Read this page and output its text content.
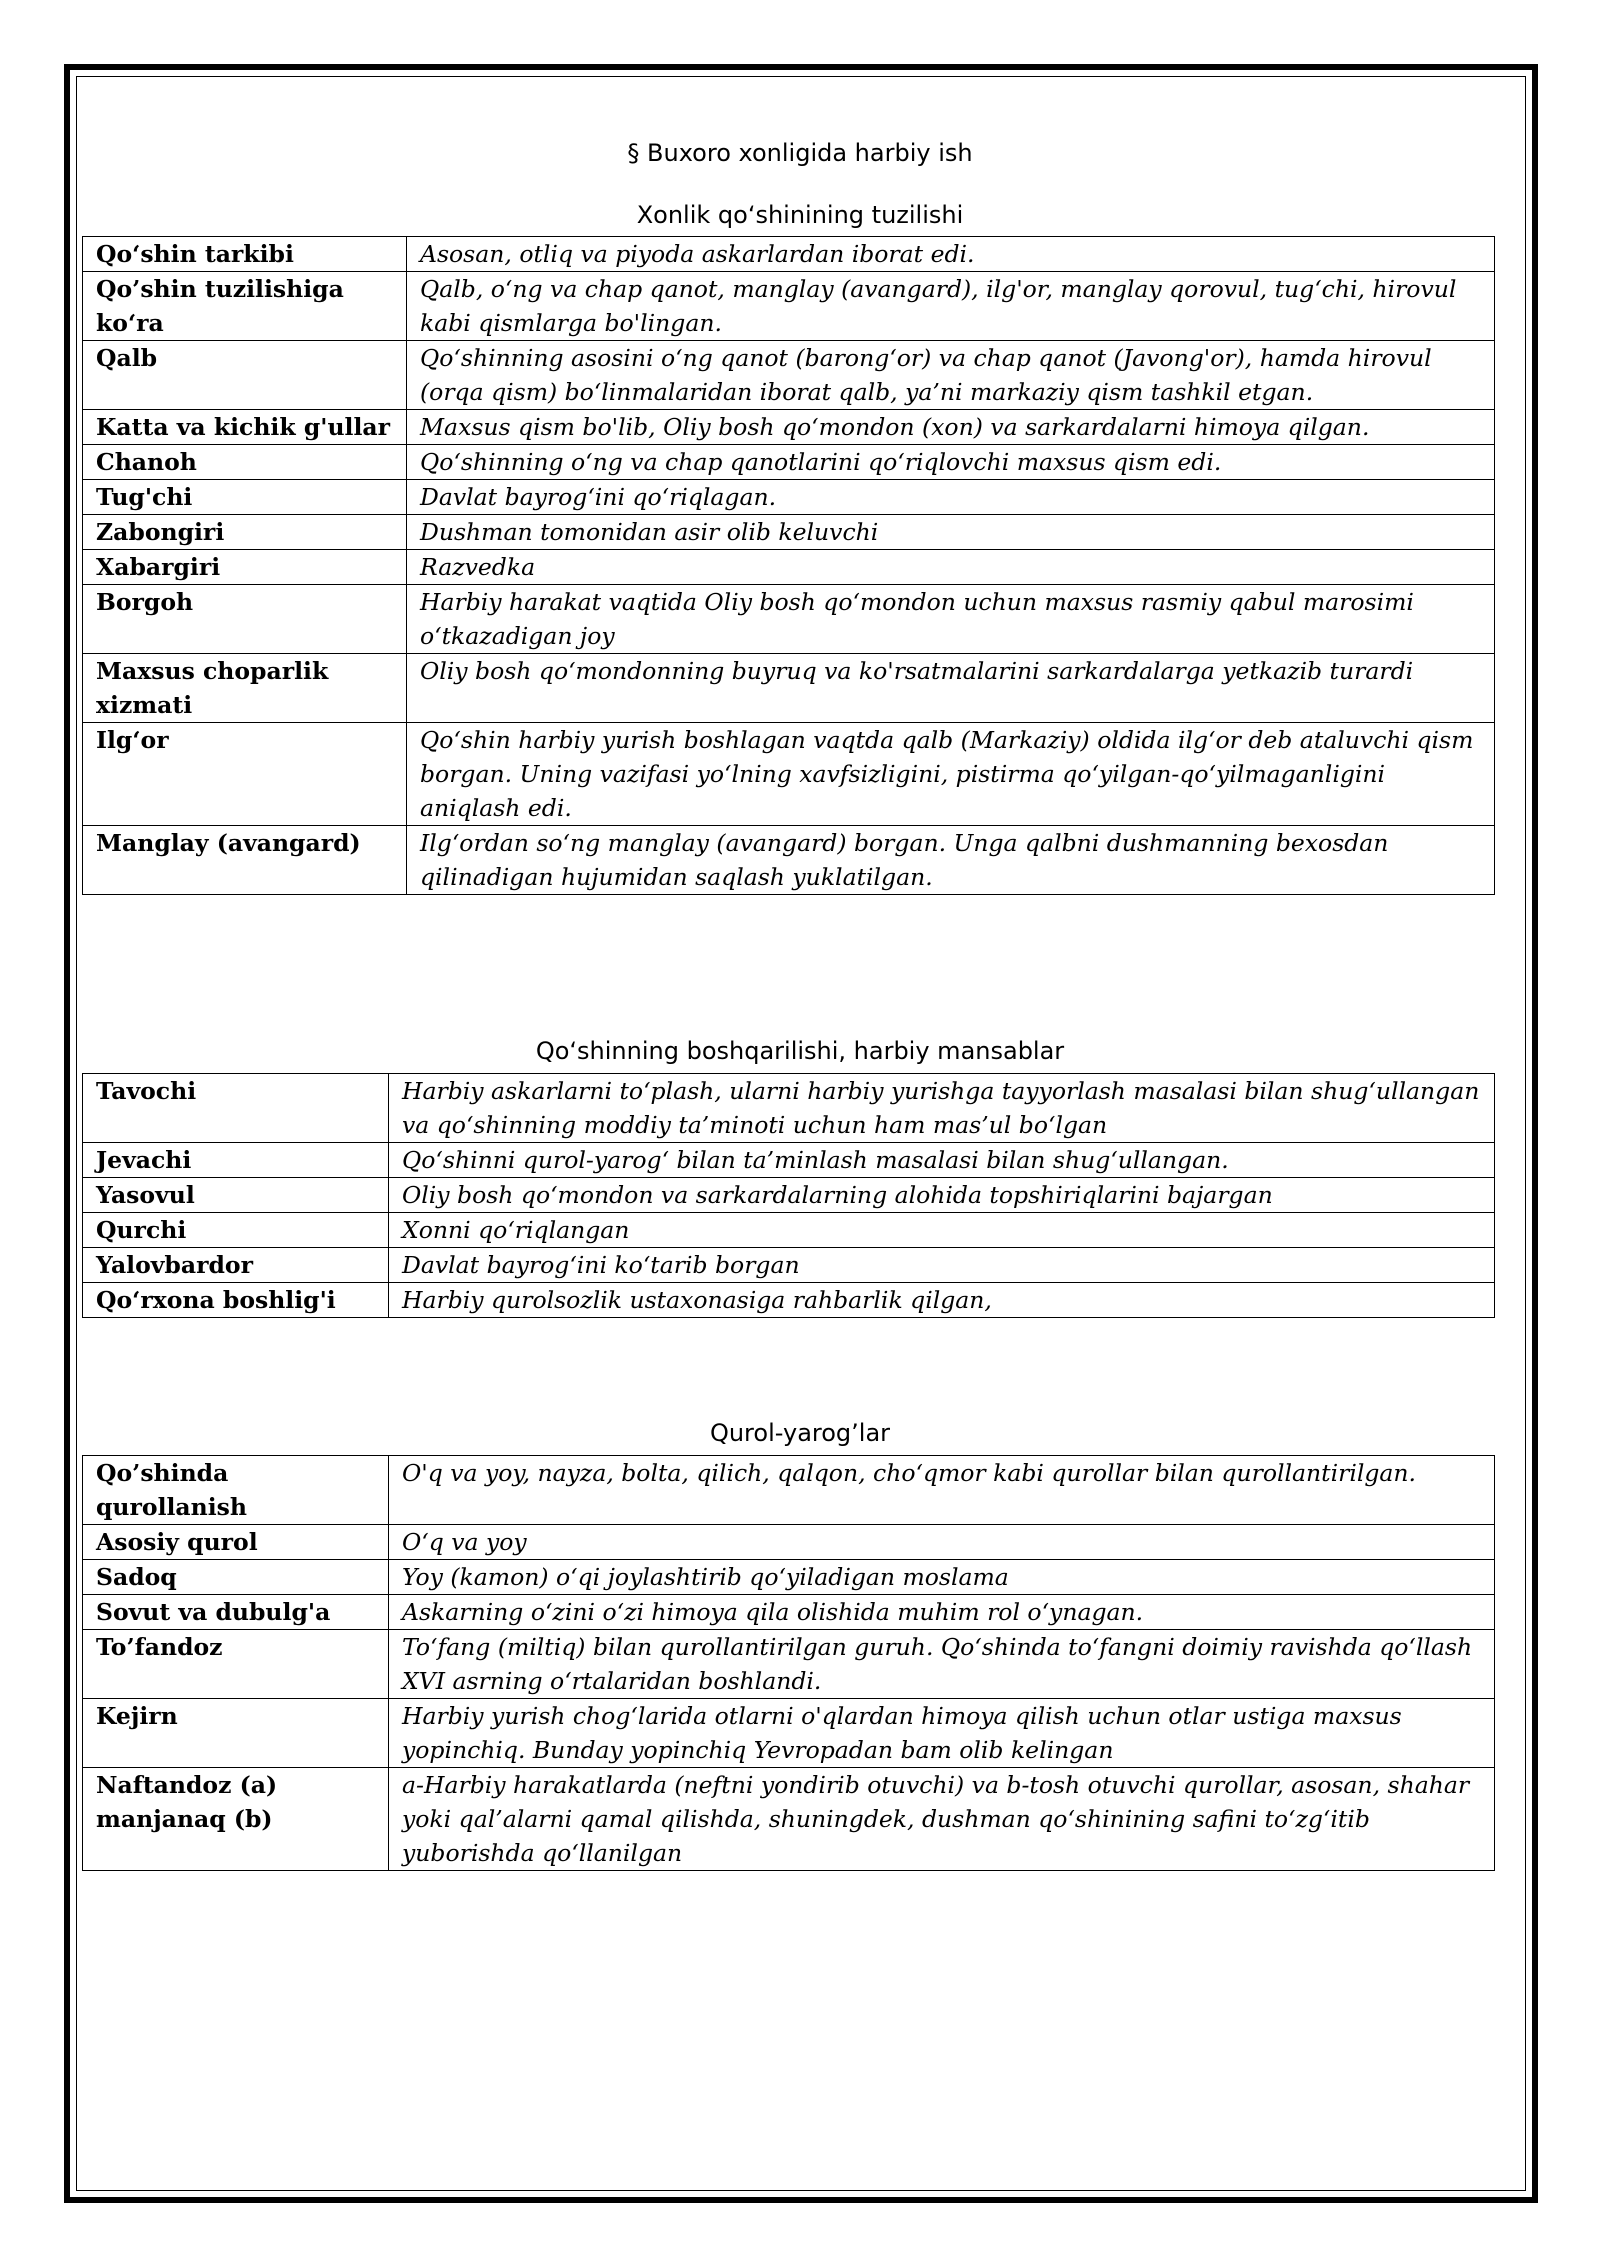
§ Buxoro xonligida harbiy ish
Xonlik qo‘shinining tuzilishi
Qo‘shin tarkibi	Asosan, otliq va piyoda askarlardan iborat edi.
Qo’shin tuzilishiga ko‘ra	Qalb, o‘ng va chap qanot, manglay (avangard), ilg'or, manglay qorovul, tug‘chi, hirovul kabi qismlarga bo'lingan.
Qalb	Qo‘shinning asosini o‘ng qanot (barong‘or) va chap qanot (Javong'or), hamda hirovul (orqa qism) bo‘linmalaridan iborat qalb, ya’ni markaziy qism tashkil etgan.
Katta va kichik g'ullar	Maxsus qism bo'lib, Oliy bosh qo‘mondon (xon) va sarkardalarni himoya qilgan.
Chanoh	Qo‘shinning o‘ng va chap qanotlarini qo‘riqlovchi maxsus qism edi.
Tug'chi	Davlat bayrog‘ini qo‘riqlagan.
Zabongiri	Dushman tomonidan asir olib keluvchi
Xabargiri	Razvedka
Borgoh	Harbiy harakat vaqtida Oliy bosh qo‘mondon uchun maxsus rasmiy qabul marosimi o‘tkazadigan joy
Maxsus choparlik xizmati	Oliy bosh qo‘mondonning buyruq va ko'rsatmalarini sarkardalarga yetkazib turardi
Ilg‘or	Qo‘shin harbiy yurish boshlagan vaqtda qalb (Markaziy) oldida ilg‘or deb ataluvchi qism borgan. Uning vazifasi yo‘lning xavfsizligini, pistirma qo‘yilgan-qo‘yilmaganligini aniqlash edi.
Manglay (avangard)	Ilg‘ordan so‘ng manglay (avangard) borgan. Unga qalbni dushmanning bexosdan qilinadigan hujumidan saqlash yuklatilgan.
Qo‘shinning boshqarilishi, harbiy mansablar
Tavochi	Harbiy askarlarni to‘plash, ularni harbiy yurishga tayyorlash masalasi bilan shug‘ullangan va qo‘shinning moddiy ta’minoti uchun ham mas’ul bo‘lgan
Jevachi	Qo‘shinni qurol-yarog‘ bilan ta’minlash masalasi bilan shug‘ullangan.
Yasovul	Oliy bosh qo‘mondon va sarkardalarning alohida topshiriqlarini bajargan
Qurchi	Xonni qo‘riqlangan
Yalovbardor	Davlat bayrog‘ini ko‘tarib borgan
Qo‘rxona boshlig'i	Harbiy qurolsozlik ustaxonasiga rahbarlik qilgan,
Qurol-yarog’lar
Qo’shinda qurollanish	O'q va yoy, nayza, bolta, qilich, qalqon, cho‘qmor kabi qurollar bilan qurollantirilgan.
Asosiy qurol	O‘q va yoy
Sadoq	Yoy (kamon) o‘qi joylashtirib qo‘yiladigan moslama
Sovut va dubulg'a	Askarning o‘zini o‘zi himoya qila olishida muhim rol o‘ynagan.
To’fandoz	To‘fang (miltiq) bilan qurollantirilgan guruh. Qo‘shinda to‘fangni doimiy ravishda qo‘llash XVI asrning o‘rtalaridan boshlandi.
Kejirn	Harbiy yurish chog‘larida otlarni o'qlardan himoya qilish uchun otlar ustiga maxsus yopinchiq. Bunday yopinchiq Yevropadan bam olib kelingan
Naftandoz (a) manjanaq (b)	a-Harbiy harakatlarda (neftni yondirib otuvchi) va b-tosh otuvchi qurollar, asosan, shahar yoki qal’alarni qamal qilishda, shuningdek, dushman qo‘shinining safini to‘zg‘itib yuborishda qo‘llanilgan
